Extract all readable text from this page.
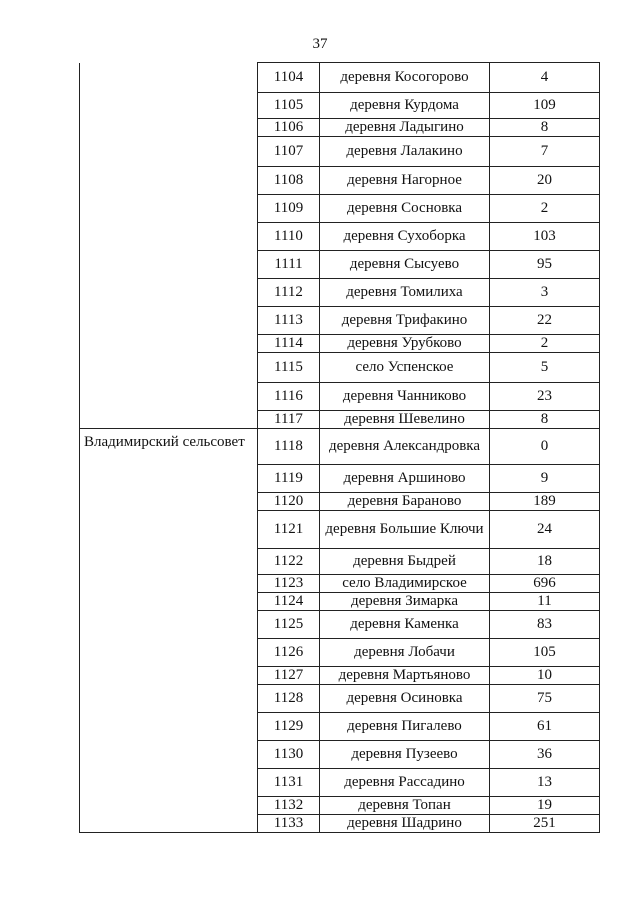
37
	1104	деревня Косогорово	4
	1105	деревня Курдома	109
	1106	деревня Ладыгино	8
	1107	деревня Лалакино	7
	1108	деревня Нагорное	20
	1109	деревня Сосновка	2
	1110	деревня Сухоборка	103
	1111	деревня Сысуево	95
	1112	деревня Томилиха	3
	1113	деревня Трифакино	22
	1114	деревня Урубково	2
	1115	село Успенское	5
	1116	деревня Чанниково	23
	1117	деревня Шевелино	8

Владимирский сельсовет	1118	деревня Александровка	0
	1119	деревня Аршиново	9
	1120	деревня Бараново	189
	1121	деревня Большие Ключи	24
	1122	деревня Быдрей	18
	1123	село Владимирское	696
	1124	деревня Зимарка	11
	1125	деревня Каменка	83
	1126	деревня Лобачи	105
	1127	деревня Мартьяново	10
	1128	деревня Осиновка	75
	1129	деревня Пигалево	61
	1130	деревня Пузеево	36
	1131	деревня Рассадино	13
	1132	деревня Топан	19
	1133	деревня Шадрино	251
